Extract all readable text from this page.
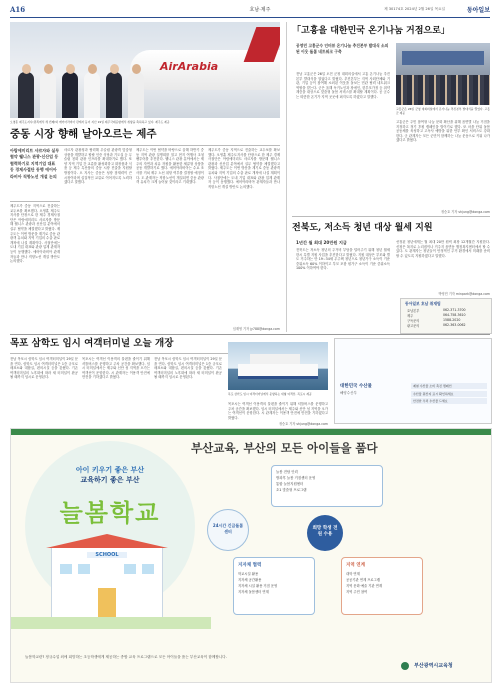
A16	호남·제주	제 30174호 2024년 2월 26일 목요일	동아일보
AirArabia
오영훈 제주도지사(왼쪽에서 세 번째)와 에어아라비아 관계자 등이 지난 19일 제주국제공항에서 취항을 축하하고 있다. 제주도 제공
중동 시장 향해 날아오르는 제주
아랍에미리트 샤르자와 실무 협약 웰니스 관광·신산업 등 협력하기로 지역기업 대표 등 경제사절단 동행 에어아라비아 직항노선 개설 논의
제주도가 중동 지역으로 진출하는 교두보를 확보했다. 오영훈 제주도지사를 단장으로 한 제주 경제사절단은 아랍에미리트 샤르자를 방문해 웰니스 관광과 신산업 분야에서 실무 협약을 체결했다고 밝혔다. 제주도는 이번 방문을 계기로 중동 관광객 유치와 지역 기업의 수출 판로 개척에 나설 계획이다. 사절단에는 도내 기업 대표와 관광 업계 관계자 등이 동행했다. 에어아라비아 관계자들과 만나 직항노선 개설 방안도 논의했다.
샤르자 관광청과 협력해 무슬림 관광객 맞춤형 상품을 개발하고 할랄 인증 식당과 기도실 등 무슬림 친화 관광 인프라를 확대하기로 했다. 또 양 지역 기업 간 교류를 활성화하고 화장품과 식품 등 제주 특산품의 중동 시장 진출을 지원할 방침이다. 오 지사는 중동은 성장 잠재력이 큰 시장이라며 실질적인 교류로 이어지도록 노력하겠다고 말했다.
제주도는 이번 협약을 바탕으로 올해 하반기 중동 지역 관광 설명회를 열고 현지 여행사 초청 팸투어를 추진한다. 웰니스 관광 분야에서는 제주의 자연과 치유 자원을 활용한 체류형 상품을 공동 개발하기로 했다. 에어아라비아는 수요 조사를 거쳐 제주 노선 취항 여부를 결정할 예정이다. 도 관계자는 직항노선이 개설되면 중동 관광객 유치가 크게 늘어날 것이라고 기대했다.
제주도가 중동 지역으로 진출하는 교두보를 확보했다. 오영훈 제주도지사를 단장으로 한 제주 경제사절단은 아랍에미리트 샤르자를 방문해 웰니스 관광과 신산업 분야에서 실무 협약을 체결했다고 밝혔다. 제주도는 이번 방문을 계기로 중동 관광객 유치와 지역 기업의 수출 판로 개척에 나설 계획이다. 사절단에는 도내 기업 대표와 관광 업계 관계자 등이 동행했다. 에어아라비아 관계자들과 만나 직항노선 개설 방안도 논의했다.
임재영 기자 jy788@donga.com
「고흥을 대한민국 온기나눔 거점으로」
공영민 고흥군수 인터뷰 온기나눔 추진본부 발대식 소외된 이웃 돌봄 네트워크 구축
전남 고흥군은 26일 오전 군청 대회의실에서 고흥 온기나눔 추진본부 발대식을 열었다고 밝혔다. 추진본부는 지역 사회단체와 기관, 기업 등이 참여해 소외된 이웃을 돌보는 민관 협력 네트워크 역할을 맡는다. 군은 올해 독거노인과 장애인, 한부모가정 등 취약계층을 대상으로 맞춤형 돌봄 서비스를 확대할 계획이다. 공 군수는 따뜻한 온기가 지역 곳곳에 퍼지도록 하겠다고 말했다.
고흥군은 26일 군청 대회의실에서 온기나눔 추진본부 발대식을 열었다. 고흥군 제공
고흥군은 주민 참여형 나눔 문화 확산을 위해 읍면별 나눔 거점을 지정하고 정기 후원 캠페인을 벌이기로 했다. 또 마을 단위 돌봄 공동체를 육성하고 고독사 예방을 위한 안부 확인 서비스도 강화한다. 군 관계자는 모든 군민이 함께하는 나눔 운동으로 키워 나가겠다고 밝혔다.
정승호 기자 shjung@donga.com
전북도, 저소득 청년 대상 월세 지원
1년간 월 최대 20만원 지급
전북도는 저소득 청년의 주거비 부담을 덜어주기 위해 청년 월세 한시 특별 지원 사업을 추진한다고 밝혔다. 지원 대상은 부모와 별도 거주하는 만 19∼34세 무주택 청년으로 청년가구 소득이 기준 중위소득 60% 이하이고 부모 포함 원가구 소득이 기준 중위소득 100% 이하여야 한다.
선정된 청년에게는 월 최대 20만 원씩 최장 12개월간 지원한다. 신청은 복지로 누리집이나 거주지 읍면동 행정복지센터에서 할 수 있다. 도 관계자는 청년들이 안정적인 주거 환경에서 미래를 준비할 수 있도록 지원하겠다고 말했다.
박영민 기자 minpark@donga.com
동아일보 호남 취재팀
호남본부	062-371-3700
제주	064-758-3610
구독문의	1588-2020
광고문의	062-363-0062
목포 삼학도 임시 여객터미널 오늘 개장
전남 목포시 삼학도 임시 여객터미널이 29일 문을 연다. 삼학도 임시 여객터미널은 1층 규모로 매표소와 대합실, 편의시설 등을 갖췄다. 기존 여객터미널의 노후화에 따라 새 터미널이 완공될 때까지 임시로 운영된다.
목포시는 여객선 이용객의 불편을 줄이기 위해 셔틀버스를 운행하고 주차 공간을 확보했다. 임시 터미널에서는 제주와 신안 섬 지역을 오가는 여객선이 운항한다. 시 관계자는 이용객 안전에 만전을 기하겠다고 밝혔다.
전남 목포시 삼학도 임시 여객터미널이 29일 문을 연다. 삼학도 임시 여객터미널은 1층 규모로 매표소와 대합실, 편의시설 등을 갖췄다. 기존 여객터미널의 노후화에 따라 새 터미널이 완공될 때까지 임시로 운영된다.
목포 삼학도 임시 여객터미널에서 운항하는 대형 여객선. 목포시 제공
목포시는 여객선 이용객의 불편을 줄이기 위해 셔틀버스를 운행하고 주차 공간을 확보했다. 임시 터미널에서는 제주와 신안 섬 지역을 오가는 여객선이 운항한다. 시 관계자는 이용객 안전에 만전을 기하겠다고 밝혔다.
정승호 기자 shjung@donga.com
대한민국 수산물
해양수산부
제철 수산물 소비 촉진 캠페인
수산물 원산지 표시 확인하세요
안전한 우리 수산물 드세요
부산교육, 부산의 모든 아이들을 품다
아이 키우기 좋은 부산
교육하기 좋은 부산
늘봄학교
SCHOOL
희망 학생 전원 수용
늘봄 전담 인력
방과후 늘봄 거점센터 운영
통합 늘봄지원센터
초1 맞춤형 프로그램
24시간 긴급돌봄센터
지자체 협력
학교시설 활용
지자체 공간활용
지자체 시설 활용 거점 운영
지자체 돌봄센터 연계
지역 연계
대학 연계
공공기관 연계 프로그램
지역 문화·예술 기관 연계
지역 주민 참여
늘봄학교란? 정규수업 외에 희망하는 초등학생에게 제공하는 종합 교육 프로그램으로 모든 아이들을 품는 부산교육이 함께합니다.
부산광역시교육청
